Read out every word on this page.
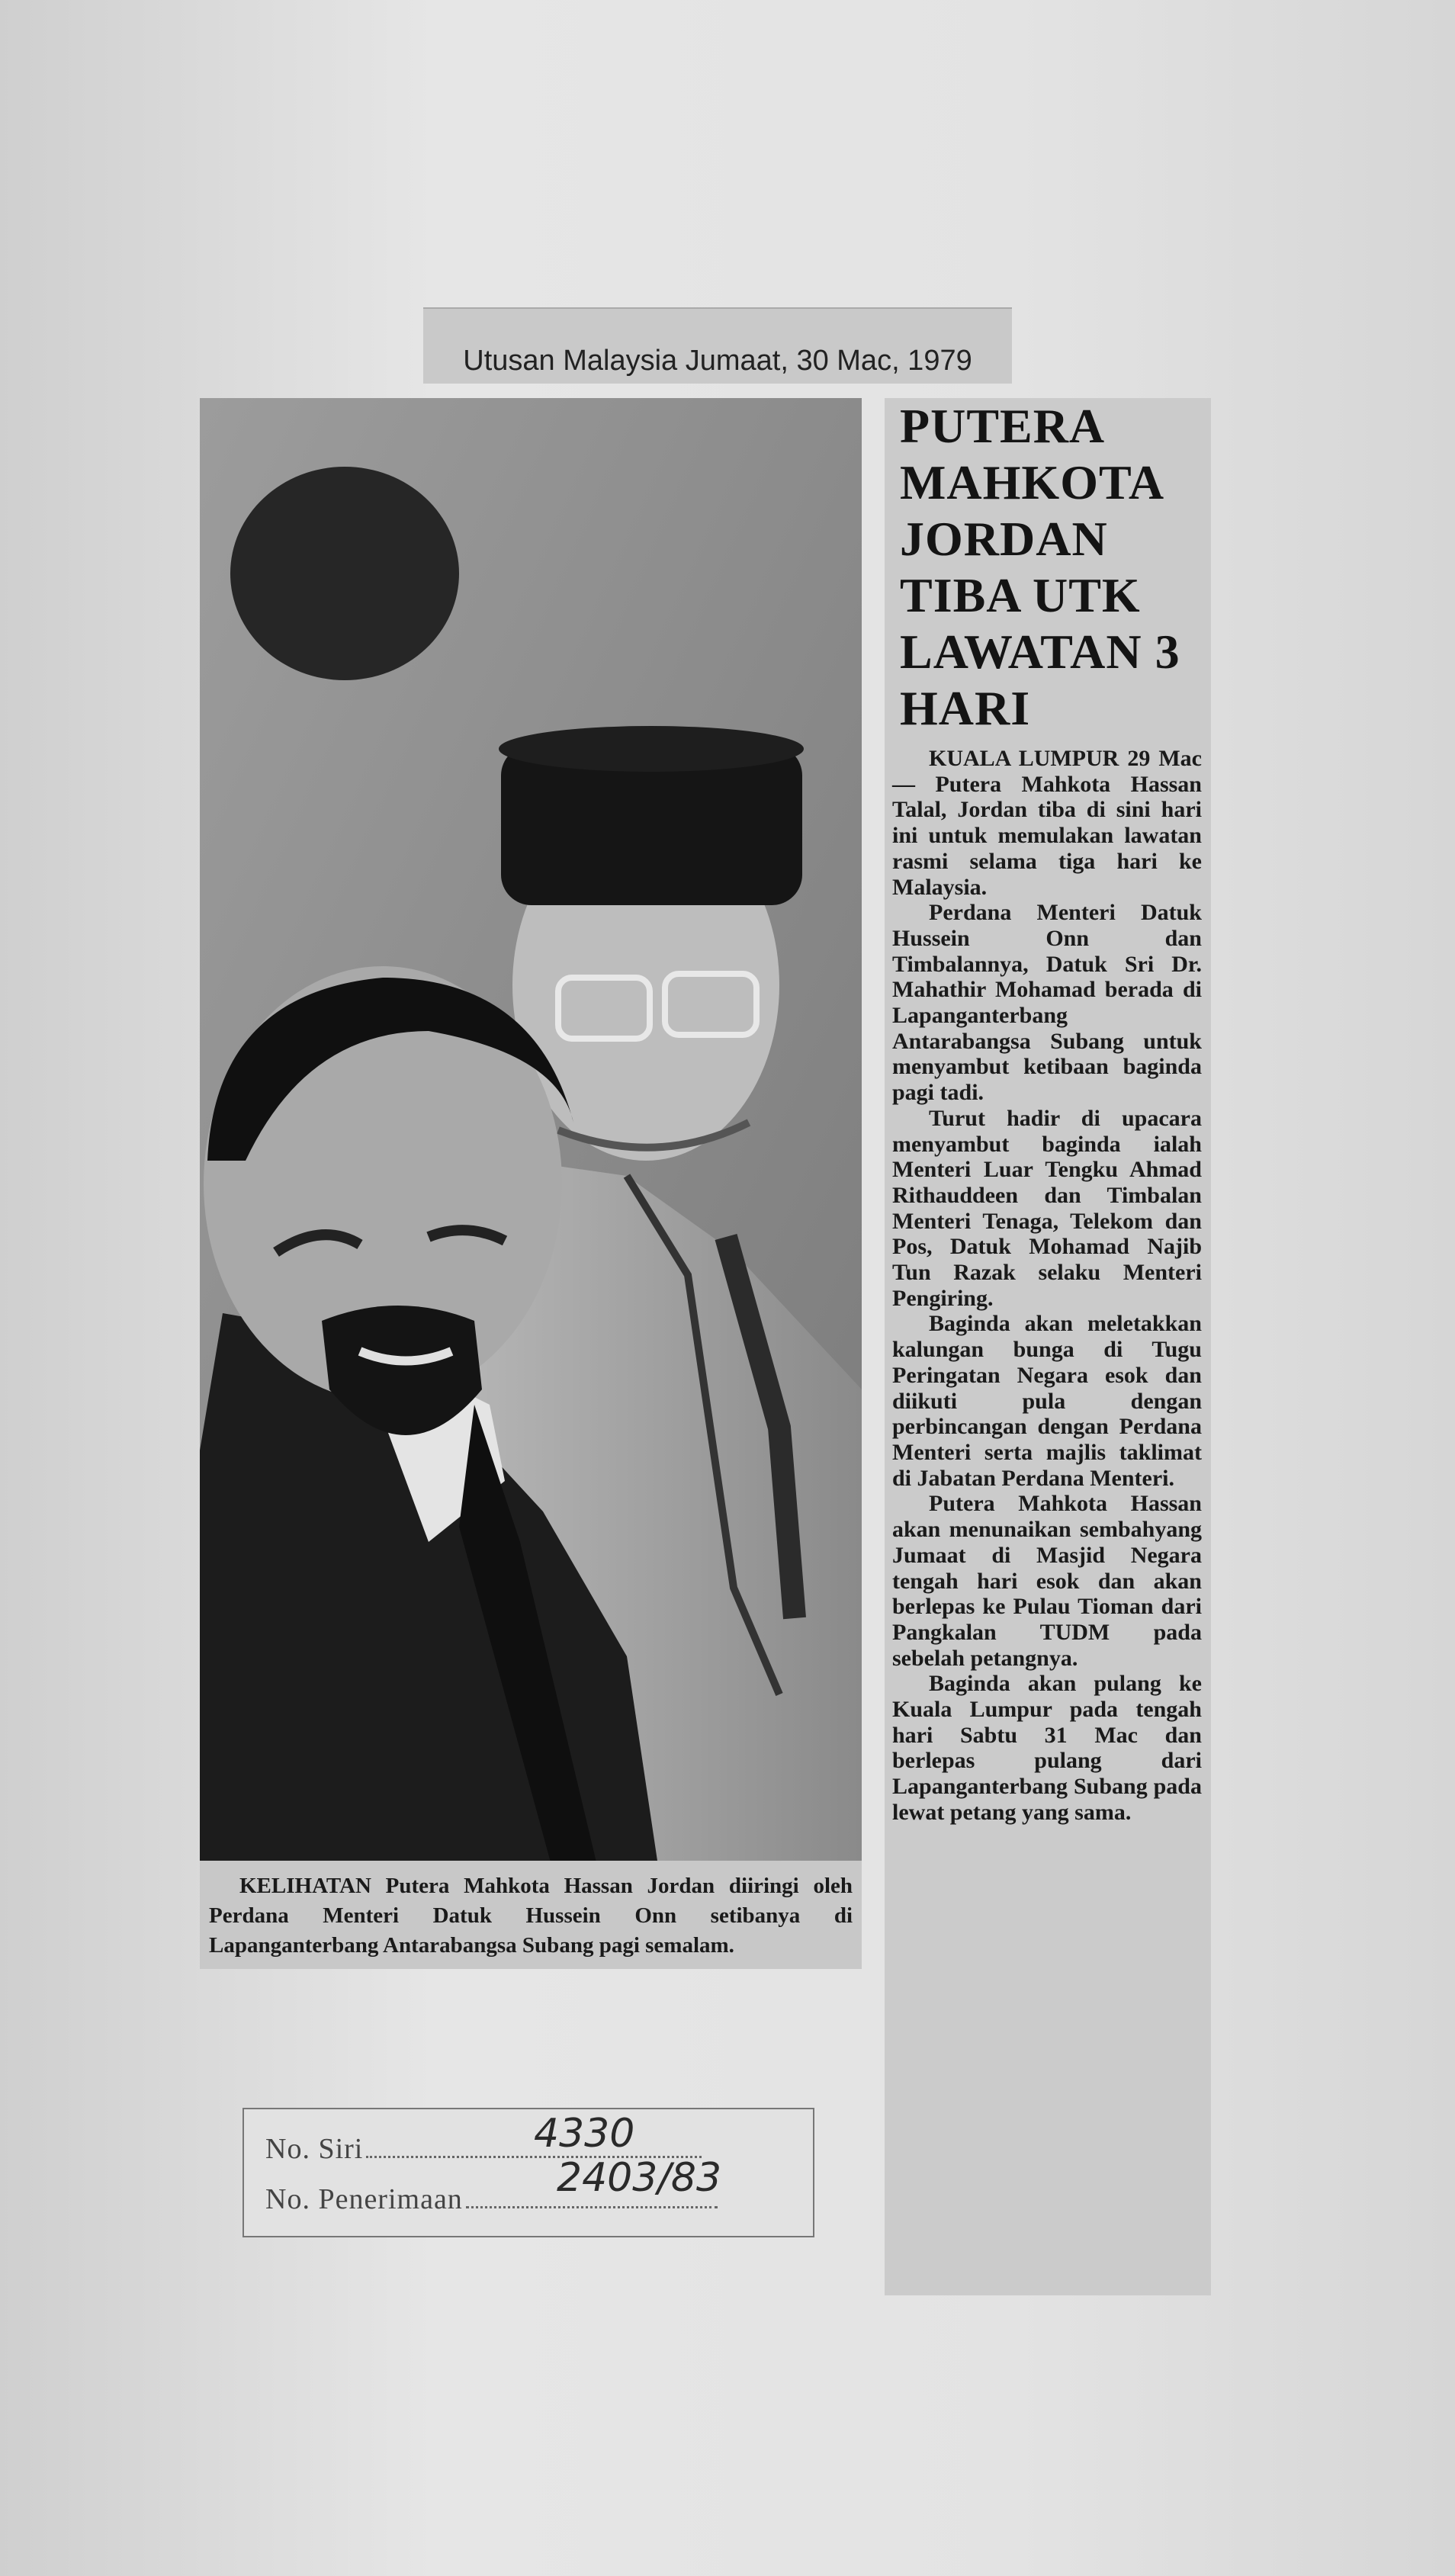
Utusan Malaysia Jumaat, 30 Mac, 1979
KELIHATAN Putera Mahkota Hassan Jordan diiringi oleh Perdana Menteri Datuk Hussein Onn setibanya di Lapanganterbang Antarabangsa Subang pagi semalam.
PUTERA MAHKOTA JORDAN TIBA UTK LAWATAN 3 HARI

KUALA LUMPUR 29 Mac — Putera Mahkota Hassan Talal, Jordan tiba di sini hari ini untuk memulakan lawatan rasmi selama tiga hari ke Malaysia.

Perdana Menteri Datuk Hussein Onn dan Timbalannya, Datuk Sri Dr. Mahathir Mohamad berada di Lapanganterbang Antarabangsa Subang untuk menyambut ketibaan baginda pagi tadi.

Turut hadir di upacara menyambut baginda ialah Menteri Luar Tengku Ahmad Rithauddeen dan Timbalan Menteri Tenaga, Telekom dan Pos, Datuk Mohamad Najib Tun Razak selaku Menteri Pengiring.

Baginda akan meletakkan kalungan bunga di Tugu Peringatan Negara esok dan diikuti pula dengan perbincangan dengan Perdana Menteri serta majlis taklimat di Jabatan Perdana Menteri.

Putera Mahkota Hassan akan menunaikan sembahyang Jumaat di Masjid Negara tengah hari esok dan akan berlepas ke Pulau Tioman dari Pangkalan TUDM pada sebelah petangnya.

Baginda akan pulang ke Kuala Lumpur pada tengah hari Sabtu 31 Mac dan berlepas pulang dari Lapanganterbang Subang pada lewat petang yang sama.

No. Siri	4330
No. Penerimaan 2403/83
